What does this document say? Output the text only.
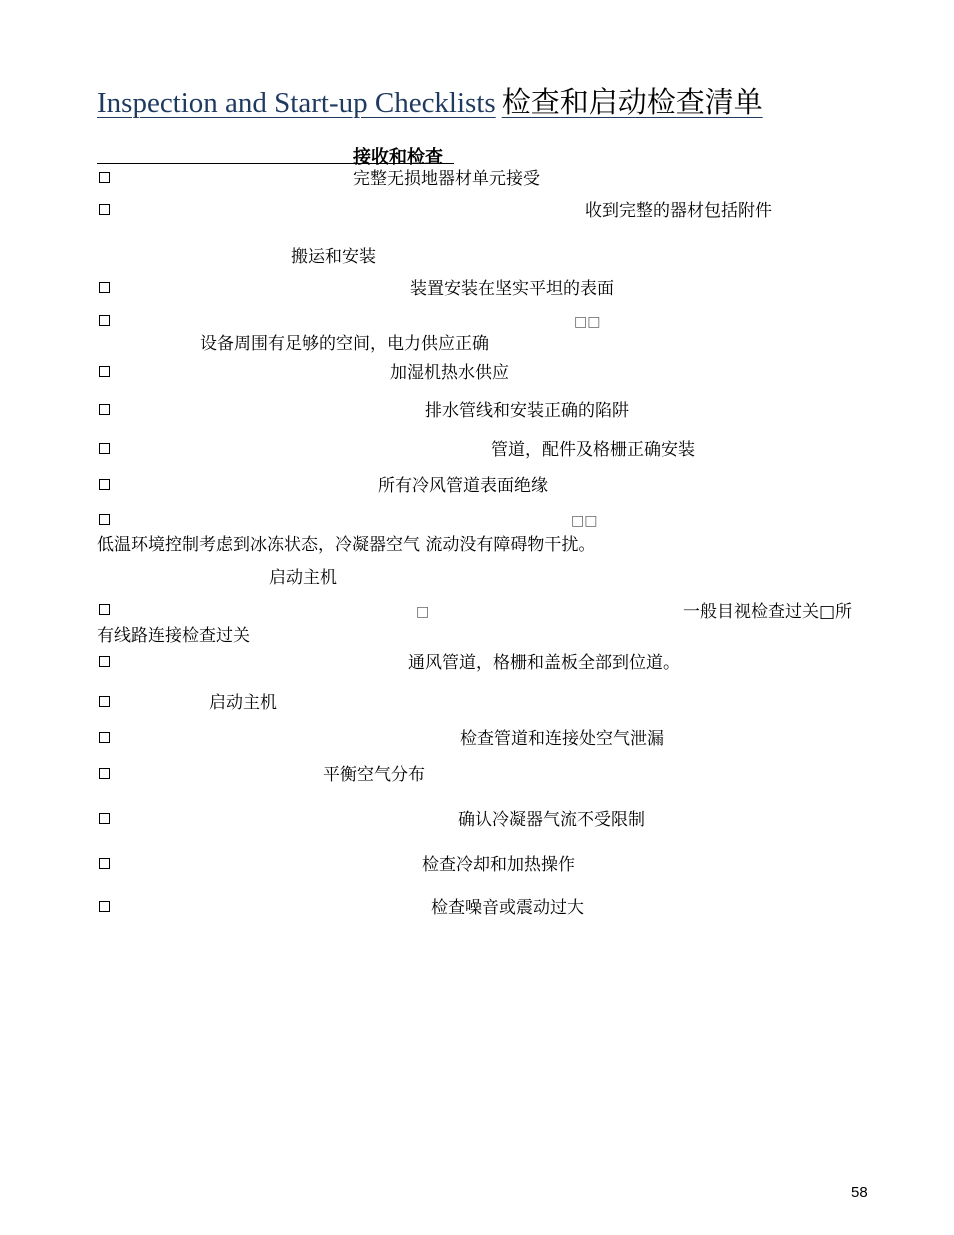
Inspection and Start-up Checklists 检查和启动检查清单
接收和检查
完整无损地器材单元接受
收到完整的器材包括附件
搬运和安装
装置安装在坚实平坦的表面
□□
设备周围有足够的空间，电力供应正确
加湿机热水供应
排水管线和安装正确的陷阱
管道，配件及格栅正确安装
所有冷风管道表面绝缘
□□
低温环境控制考虑到冰冻状态，冷凝器空气 流动没有障碍物干扰。
启动主机
□	一般目视检查过关□所
有线路连接检查过关
通风管道，格栅和盖板全部到位道。
启动主机
检查管道和连接处空气泄漏
平衡空气分布
确认冷凝器气流不受限制
检查冷却和加热操作
检查噪音或震动过大
58
